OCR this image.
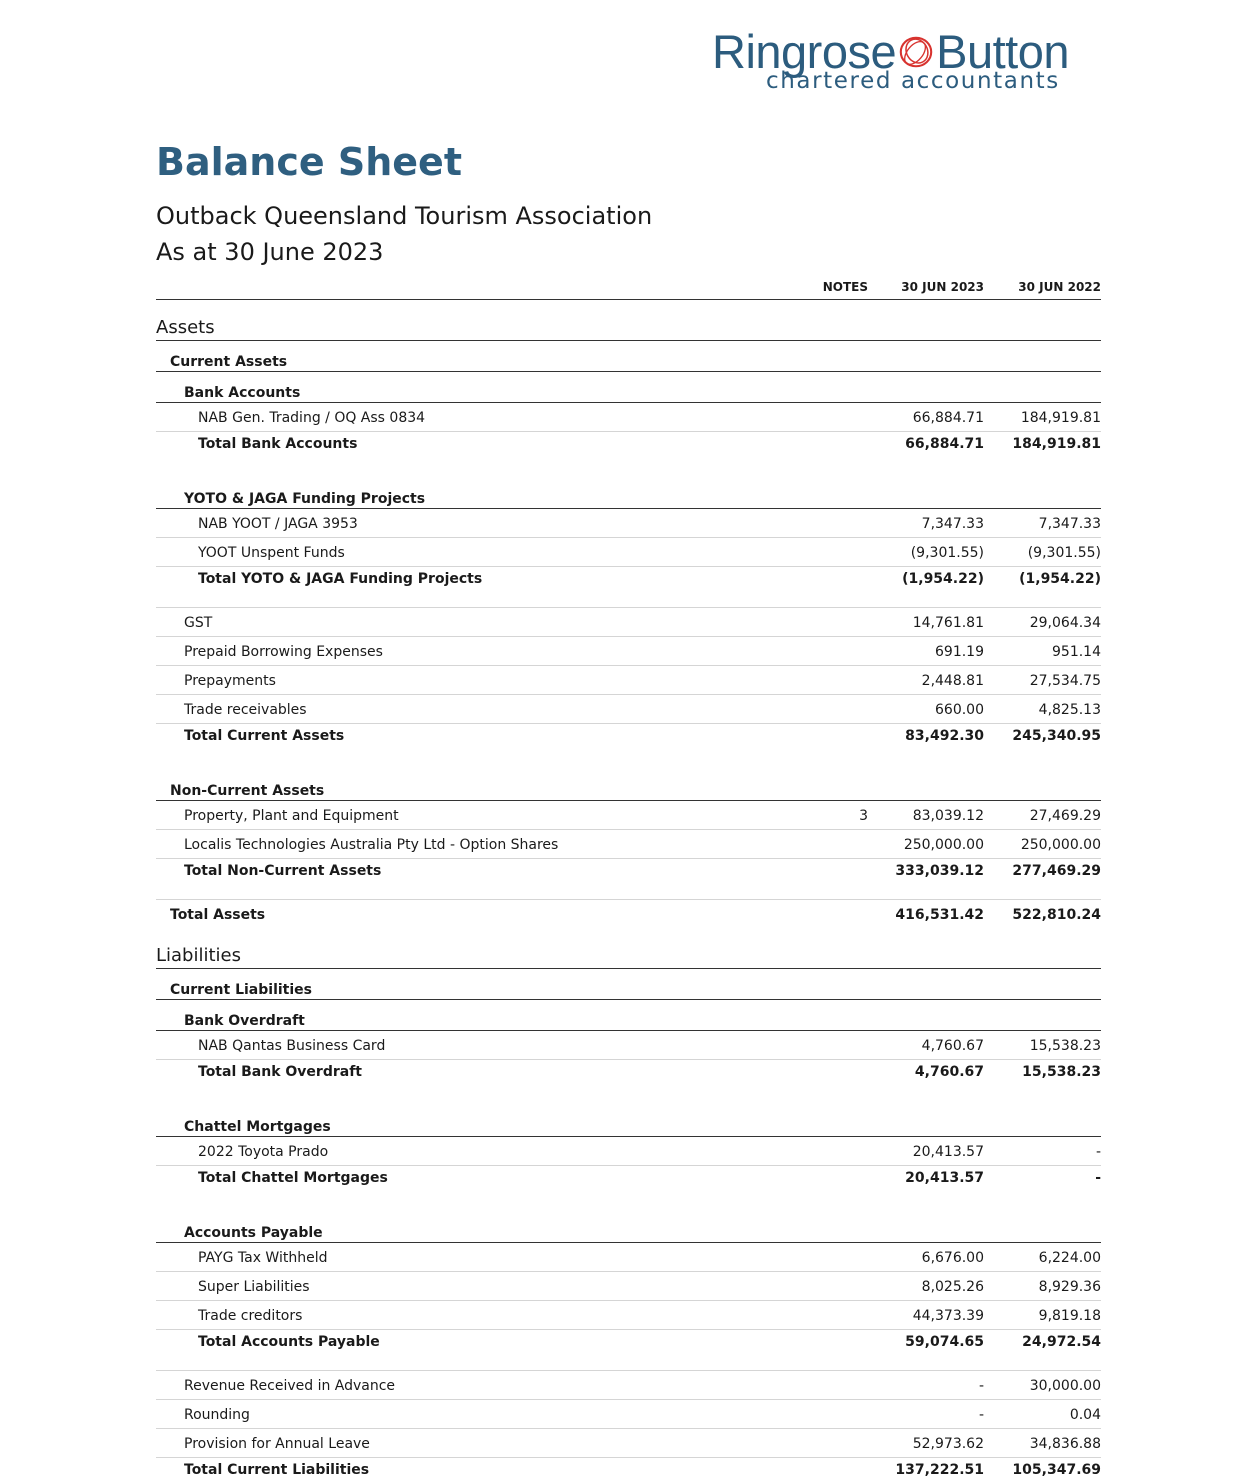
Ringrose Button
chartered accountants
Balance Sheet
Outback Queensland Tourism Association
As at 30 June 2023
NOTES	30 JUN 2023	30 JUN 2022
Assets
Current Assets
Bank Accounts
NAB Gen. Trading / OQ Ass 0834	66,884.71	184,919.81
Total Bank Accounts	66,884.71 184,919.81
YOTO & JAGA Funding Projects
NAB YOOT / JAGA 3953	7,347.33	7,347.33
YOOT Unspent Funds	(9,301.55)	(9,301.55)
Total YOTO & JAGA Funding Projects	(1,954.22)	(1,954.22)
GST	14,761.81	29,064.34
Prepaid Borrowing Expenses	691.19	951.14
Prepayments	2,448.81	27,534.75
Trade receivables	660.00	4,825.13
Total Current Assets	83,492.30 245,340.95
Non-Current Assets
Property, Plant and Equipment	3	83,039.12	27,469.29
Localis Technologies Australia Pty Ltd - Option Shares	250,000.00	250,000.00
Total Non-Current Assets	333,039.12 277,469.29
Total Assets	416,531.42 522,810.24
Liabilities
Current Liabilities
Bank Overdraft
NAB Qantas Business Card	4,760.67	15,538.23
Total Bank Overdraft	4,760.67	15,538.23
Chattel Mortgages
2022 Toyota Prado	20,413.57	-
Total Chattel Mortgages	20,413.57	-
Accounts Payable
PAYG Tax Withheld	6,676.00	6,224.00
Super Liabilities	8,025.26	8,929.36
Trade creditors	44,373.39	9,819.18
Total Accounts Payable	59,074.65	24,972.54
Revenue Received in Advance	-	30,000.00
Rounding	-	0.04
Provision for Annual Leave	52,973.62	34,836.88
Total Current Liabilities	137,222.51 105,347.69
